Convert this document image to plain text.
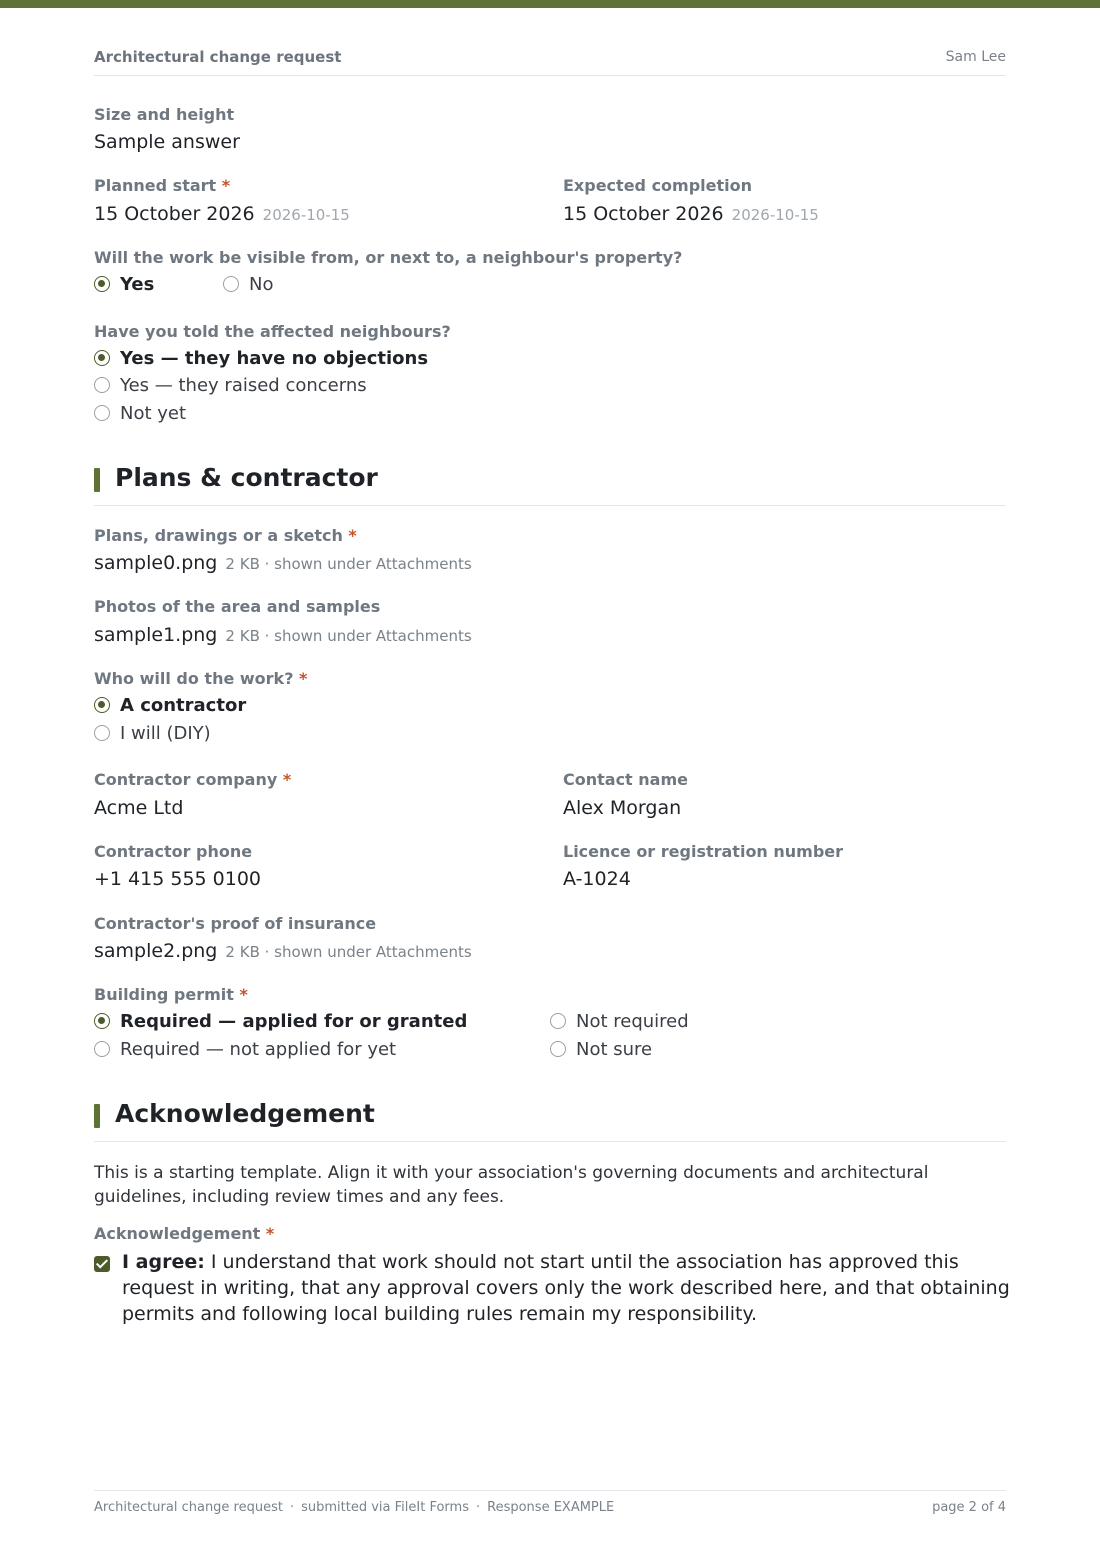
Architectural change request	Sam Lee
Size and height
Sample answer
Planned start *
15 October 2026 2026-10-15
Expected completion
15 October 2026 2026-10-15
Will the work be visible from, or next to, a neighbour's property?
Yes	No
Have you told the affected neighbours?
Yes — they have no objections
Yes — they raised concerns
Not yet
Plans & contractor
Plans, drawings or a sketch *
sample0.png 2 KB · shown under Attachments
Photos of the area and samples
sample1.png 2 KB · shown under Attachments
Who will do the work? *
A contractor
I will (DIY)
Contractor company *
Acme Ltd
Contact name
Alex Morgan
Contractor phone
+1 415 555 0100
Licence or registration number
A-1024
Contractor's proof of insurance
sample2.png 2 KB · shown under Attachments
Building permit *
Required — applied for or granted
Required — not applied for yet
Not required
Not sure
Acknowledgement
This is a starting template. Align it with your association's governing documents and architectural guidelines, including review times and any fees.
Acknowledgement *
I agree: I understand that work should not start until the association has approved this request in writing, that any approval covers only the work described here, and that obtaining permits and following local building rules remain my responsibility.
Architectural change request · submitted via FileIt Forms · Response EXAMPLE	page 2 of 4
